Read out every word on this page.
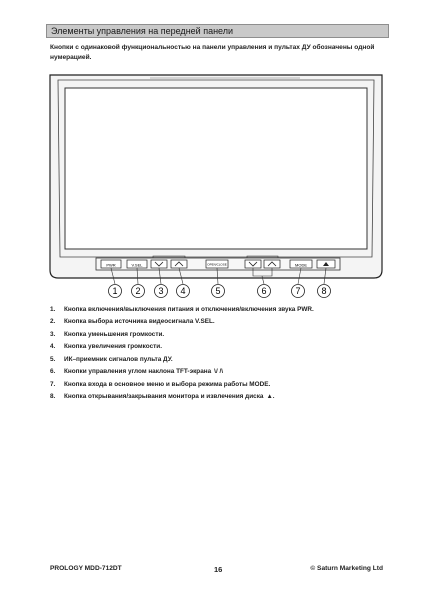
Элементы управления на передней панели
Кнопки с одинаковой функциональностью на панели управления и пультах ДУ обозначены одной нумерацией.
PWR	V.SEL	OPEN/CLOSE	MODE
1 2 3 4	5	6	7 8
1.	Кнопка включения/выключения питания и отключения/включения звука PWR.
2.	Кнопка выбора источника видеосигнала V.SEL.
3.	Кнопка уменьшения громкости.
4.	Кнопка увеличения громкости.
5.	ИК–приемник сигналов пульта ДУ.
6.	Кнопки управления углом наклона TFT-экрана \/ /\
7.	Кнопка входа в основное меню и выбора режима работы MODE.
8.	Кнопка открывания/закрывания монитора и извлечения диска ▲.
PROLOGY MDD-712DT	16	© Saturn Marketing Ltd
